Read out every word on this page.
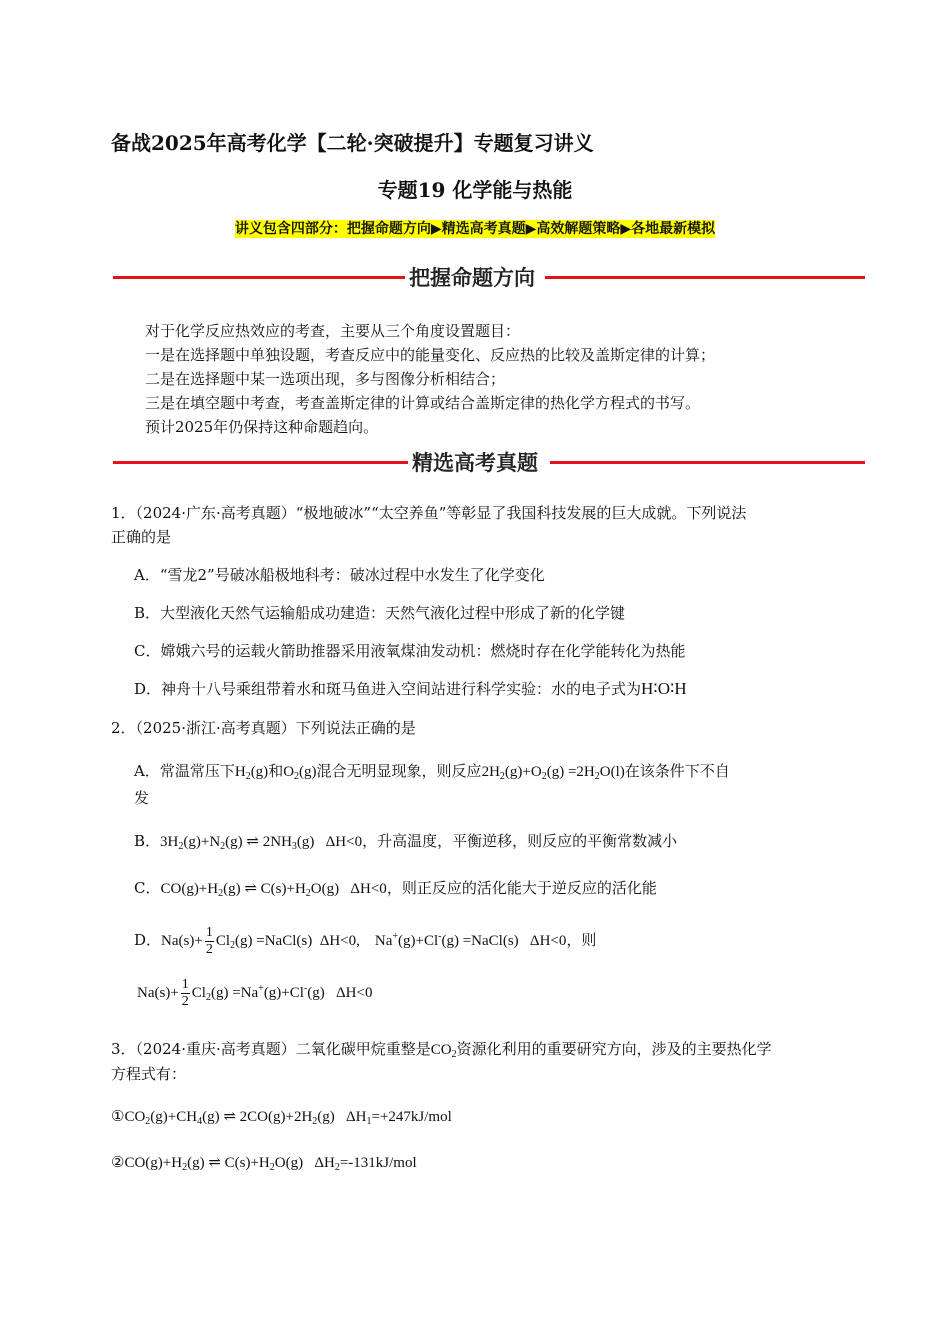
备战2025年高考化学【二轮·突破提升】专题复习讲义
专题19 化学能与热能
讲义包含四部分：把握命题方向▶精选高考真题▶高效解题策略▶各地最新模拟
把握命题方向
对于化学反应热效应的考查，主要从三个角度设置题目：
一是在选择题中单独设题，考查反应中的能量变化、反应热的比较及盖斯定律的计算；
二是在选择题中某一选项出现，多与图像分析相结合；
三是在填空题中考查，考查盖斯定律的计算或结合盖斯定律的热化学方程式的书写。
预计2025年仍保持这种命题趋向。
精选高考真题
1．（2024·广东·高考真题）“极地破冰”“太空养鱼”等彰显了我国科技发展的巨大成就。下列说法
正确的是
A．“雪龙2”号破冰船极地科考：破冰过程中水发生了化学变化
B．大型液化天然气运输船成功建造：天然气液化过程中形成了新的化学键
C．嫦娥六号的运载火箭助推器采用液氧煤油发动机：燃烧时存在化学能转化为热能
D．神舟十八号乘组带着水和斑马鱼进入空间站进行科学实验：水的电子式为H∶O∶H
2．（2025·浙江·高考真题）下列说法正确的是
A．常温常压下$H_2(g)$和$O_2(g)$混合无明显现象，则反应$2H_2(g)+O_2(g) =2H_2O(l)$在该条件下不自
发
B．$3H_2(g)+N_2(g)$ ⇌ $2NH_3(g)$   ΔH<0，升高温度，平衡逆移，则反应的平衡常数减小
C．$CO(g)+H_2(g)$ ⇌ $C(s)+H_2O(g)$   ΔH<0，则正反应的活化能大于逆反应的活化能
D．$Na(s)+ \frac{1}{2} Cl_2(g)$ =NaCl(s)  ΔH<0,    Na+(g)+Cl-(g) =NaCl(s)   ΔH<0，则
$Na(s)+ \frac{1}{2} Cl_2(g) =Na^+(g)+Cl^-(g)$   ΔH<0
3．（2024·重庆·高考真题）二氧化碳甲烷重整是$CO_2$资源化利用的重要研究方向，涉及的主要热化学
方程式有：
$①CO_2(g)+CH_4(g)$ ⇌ $2CO(g)+2H_2(g)$   $\Delta H_1=+247kJ$/mol
$②CO(g)+H_2(g)$ ⇌ $C(s)+H_2O(g)$   $\Delta H_2=-131kJ$/mol
